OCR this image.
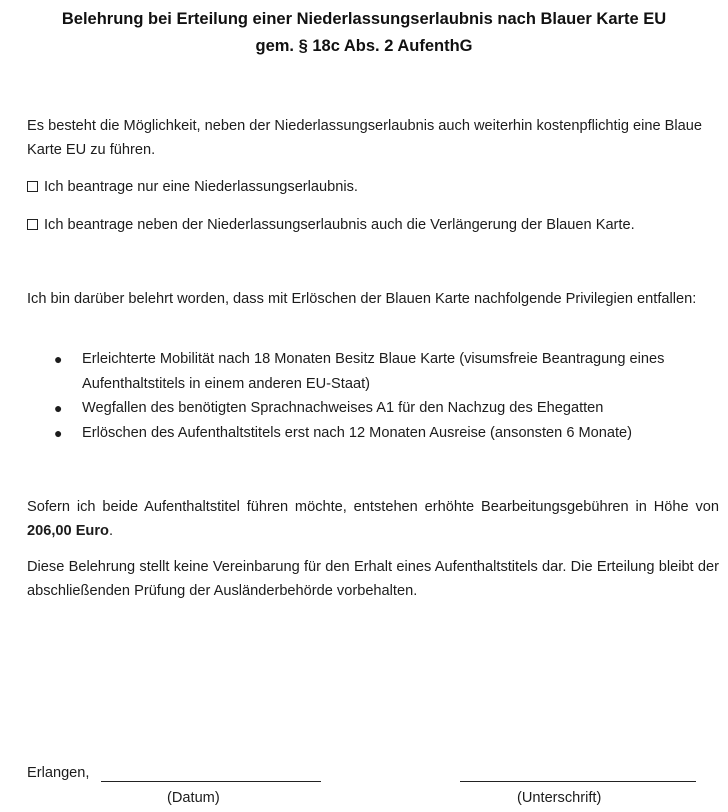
Belehrung bei Erteilung einer Niederlassungserlaubnis nach Blauer Karte EU
gem. § 18c Abs. 2 AufenthG
Es besteht die Möglichkeit, neben der Niederlassungserlaubnis auch weiterhin kostenpflichtig eine Blaue Karte EU zu führen.
Ich beantrage nur eine Niederlassungserlaubnis.
Ich beantrage neben der Niederlassungserlaubnis auch die Verlängerung der Blauen Karte.
Ich bin darüber belehrt worden, dass mit Erlöschen der Blauen Karte nachfolgende Privilegien entfallen:
● Erleichterte Mobilität nach 18 Monaten Besitz Blaue Karte (visumsfreie Beantragung eines Aufenthaltstitels in einem anderen EU-Staat)
● Wegfallen des benötigten Sprachnachweises A1 für den Nachzug des Ehegatten
● Erlöschen des Aufenthaltstitels erst nach 12 Monaten Ausreise (ansonsten 6 Monate)
Sofern ich beide Aufenthaltstitel führen möchte, entstehen erhöhte Bearbeitungsgebühren in Höhe von 206,00 Euro.
Diese Belehrung stellt keine Vereinbarung für den Erhalt eines Aufenthaltstitels dar. Die Erteilung bleibt der abschließenden Prüfung der Ausländerbehörde vorbehalten.
Erlangen,
(Datum)	(Unterschrift)
